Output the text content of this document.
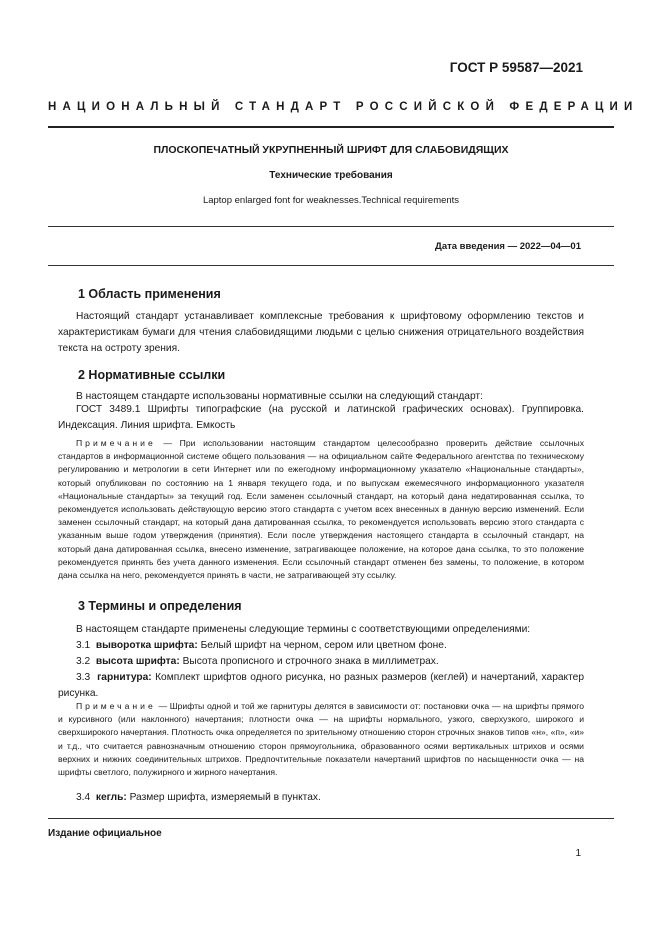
ГОСТ Р 59587—2021
НАЦИОНАЛЬНЫЙ СТАНДАРТ РОССИЙСКОЙ ФЕДЕРАЦИИ
ПЛОСКОПЕЧАТНЫЙ УКРУПНЕННЫЙ ШРИФТ ДЛЯ СЛАБОВИДЯЩИХ
Технические требования
Laptop enlarged font for weaknesses.Technical requirements
Дата введения — 2022—04—01
1 Область применения
Настоящий стандарт устанавливает комплексные требования к шрифтовому оформлению текстов и характеристикам бумаги для чтения слабовидящими людьми с целью снижения отрицательного воздействия текста на остроту зрения.
2 Нормативные ссылки
В настоящем стандарте использованы нормативные ссылки на следующий стандарт:
ГОСТ 3489.1 Шрифты типографские (на русской и латинской графических основах). Группировка. Индексация. Линия шрифта. Емкость
Примечание — При использовании настоящим стандартом целесообразно проверить действие ссылочных стандартов в информационной системе общего пользования — на официальном сайте Федерального агентства по техническому регулированию и метрологии в сети Интернет или по ежегодному информационному указателю «Национальные стандарты», который опубликован по состоянию на 1 января текущего года, и по выпускам ежемесячного информационного указателя «Национальные стандарты» за текущий год. Если заменен ссылочный стандарт, на который дана недатированная ссылка, то рекомендуется использовать действующую версию этого стандарта с учетом всех внесенных в данную версию изменений. Если заменен ссылочный стандарт, на который дана датированная ссылка, то рекомендуется использовать версию этого стандарта с указанным выше годом утверждения (принятия). Если после утверждения настоящего стандарта в ссылочный стандарт, на который дана датированная ссылка, внесено изменение, затрагивающее положение, на которое дана ссылка, то это положение рекомендуется принять без учета данного изменения. Если ссылочный стандарт отменен без замены, то положение, в котором дана ссылка на него, рекомендуется принять в части, не затрагивающей эту ссылку.
3 Термины и определения
В настоящем стандарте применены следующие термины с соответствующими определениями:
3.1 выворотка шрифта: Белый шрифт на черном, сером или цветном фоне.
3.2 высота шрифта: Высота прописного и строчного знака в миллиметрах.
3.3 гарнитура: Комплект шрифтов одного рисунка, но разных размеров (кеглей) и начертаний, характер рисунка.
Примечание — Шрифты одной и той же гарнитуры делятся в зависимости от: постановки очка — на шрифты прямого и курсивного (или наклонного) начертания; плотности очка — на шрифты нормального, узкого, сверхузкого, широкого и сверхширокого начертания. Плотность очка определяется по зрительному отношению сторон строчных знаков типов «н», «п», «и» и т.д., что считается равнозначным отношению сторон прямоугольника, образованного осями вертикальных штрихов и осями верхних и нижних соединительных штрихов. Предпочтительные показатели начертаний шрифтов по насыщенности очка — на шрифты светлого, полужирного и жирного начертания.
3.4 кегль: Размер шрифта, измеряемый в пунктах.
Издание официальное
1
